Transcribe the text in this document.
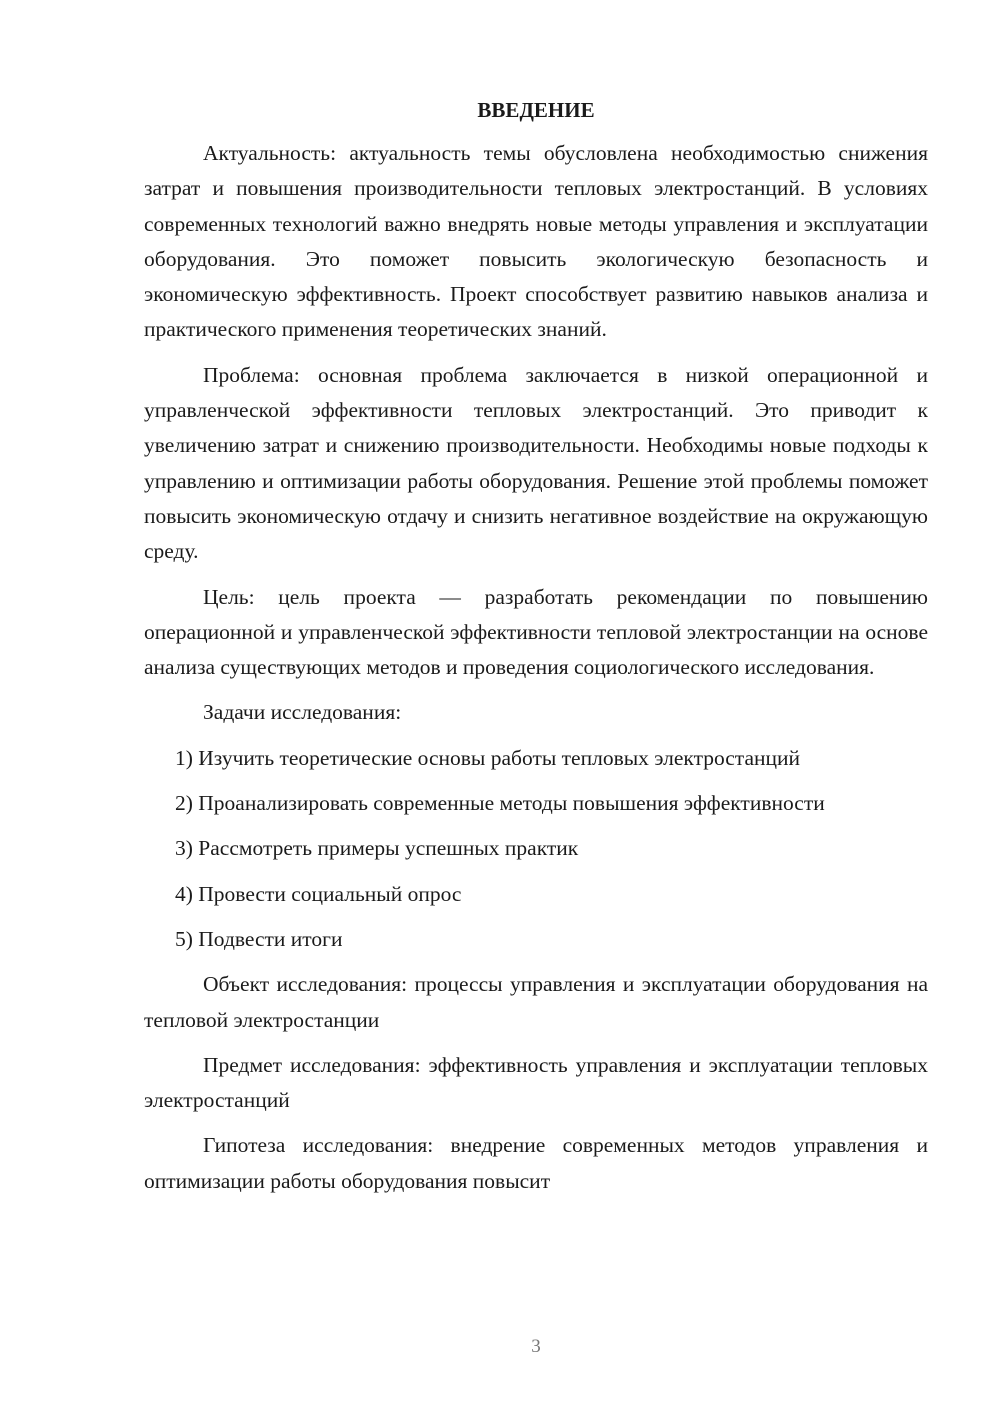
ВВЕДЕНИЕ

Актуальность: актуальность темы обусловлена необходимостью снижения затрат и повышения производительности тепловых электростанций. В условиях современных технологий важно внедрять новые методы управления и эксплуатации оборудования. Это поможет повысить экологическую безопасность и экономическую эффективность. Проект способствует развитию навыков анализа и практического применения теоретических знаний.

Проблема: основная проблема заключается в низкой операционной и управленческой эффективности тепловых электростанций. Это приводит к увеличению затрат и снижению производительности. Необходимы новые подходы к управлению и оптимизации работы оборудования. Решение этой проблемы поможет повысить экономическую отдачу и снизить негативное воздействие на окружающую среду.

Цель: цель проекта — разработать рекомендации по повышению операционной и управленческой эффективности тепловой электростанции на основе анализа существующих методов и проведения социологического исследования.

Задачи исследования:

1) Изучить теоретические основы работы тепловых электростанций
2) Проанализировать современные методы повышения эффективности
3) Рассмотреть примеры успешных практик
4) Провести социальный опрос
5) Подвести итоги

Объект исследования: процессы управления и эксплуатации оборудования на тепловой электростанции

Предмет исследования: эффективность управления и эксплуатации тепловых электростанций

Гипотеза исследования: внедрение современных методов управления и оптимизации работы оборудования повысит

3
